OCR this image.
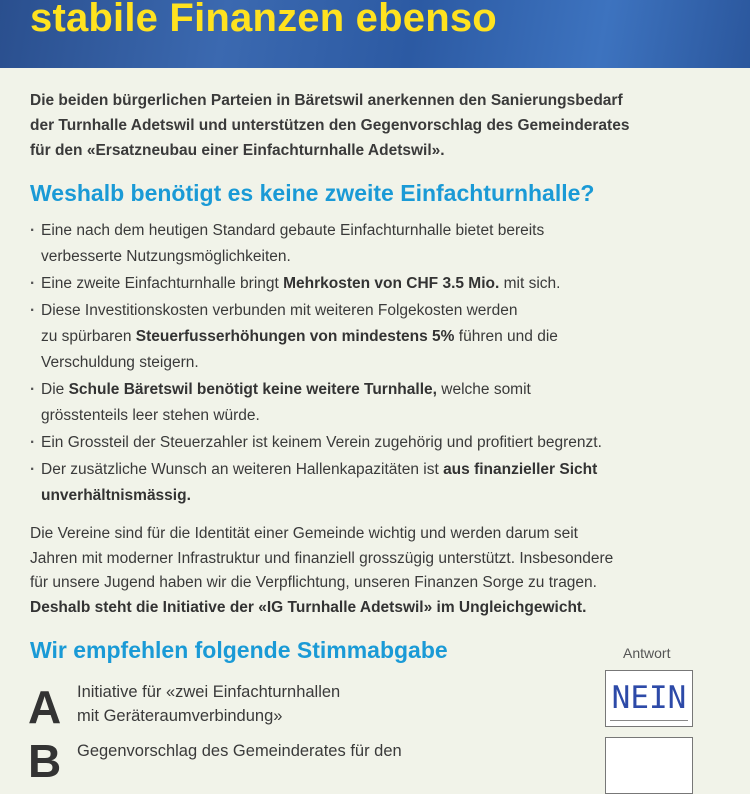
stabile Finanzen ebenso
Die beiden bürgerlichen Parteien in Bäretswil anerkennen den Sanierungsbedarf
der Turnhalle Adetswil und unterstützen den Gegenvorschlag des Gemeinderates
für den «Ersatzneubau einer Einfachturnhalle Adetswil».
Weshalb benötigt es keine zweite Einfachturnhalle?
· Eine nach dem heutigen Standard gebaute Einfachturnhalle bietet bereits
verbesserte Nutzungsmöglichkeiten.
· Eine zweite Einfachturnhalle bringt Mehrkosten von CHF 3.5 Mio. mit sich.
· Diese Investitionskosten verbunden mit weiteren Folgekosten werden
zu spürbaren Steuerfusserhöhungen von mindestens 5% führen und die
Verschuldung steigern.
· Die Schule Bäretswil benötigt keine weitere Turnhalle, welche somit
grösstenteils leer stehen würde.
· Ein Grossteil der Steuerzahler ist keinem Verein zugehörig und profitiert begrenzt.
· Der zusätzliche Wunsch an weiteren Hallenkapazitäten ist aus finanzieller Sicht
unverhältnismässig.
Die Vereine sind für die Identität einer Gemeinde wichtig und werden darum seit
Jahren mit moderner Infrastruktur und finanziell grosszügig unterstützt. Insbesondere
für unsere Jugend haben wir die Verpflichtung, unseren Finanzen Sorge zu tragen.
Deshalb steht die Initiative der «IG Turnhalle Adetswil» im Ungleichgewicht.
Wir empfehlen folgende Stimmabgabe	Antwort
A Initiative für «zwei Einfachturnhallen
mit Geräteraumverbindung»	NEIN
B Gegenvorschlag des Gemeinderates für den
